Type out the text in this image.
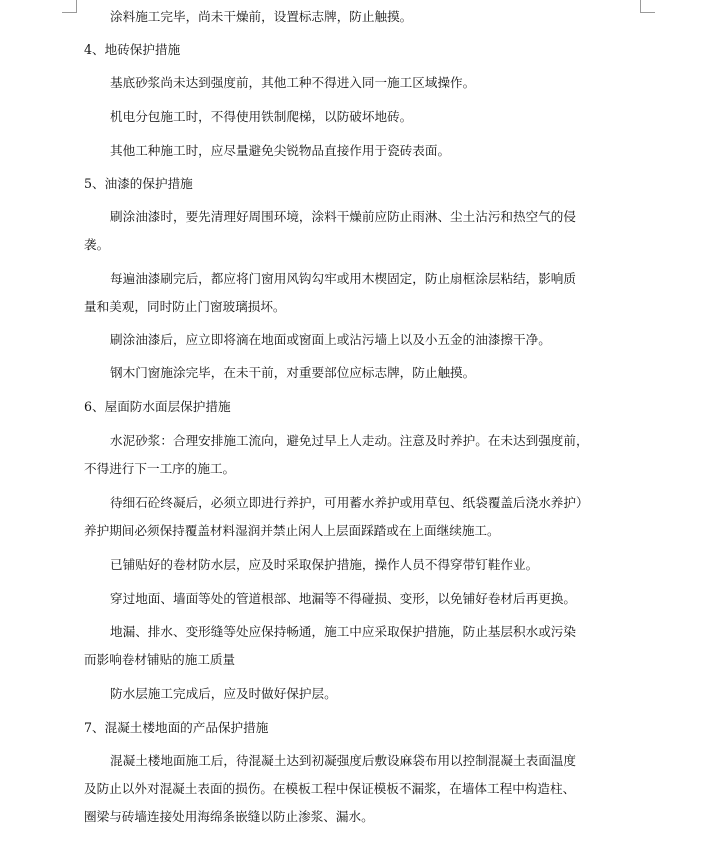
涂料施工完毕，尚未干燥前，设置标志牌，防止触摸。
4、地砖保护措施
基底砂浆尚未达到强度前，其他工种不得进入同一施工区域操作。
机电分包施工时，不得使用铁制爬梯，以防破坏地砖。
其他工种施工时，应尽量避免尖锐物品直接作用于瓷砖表面。
5、油漆的保护措施
刷涂油漆时，要先清理好周围环境，涂料干燥前应防止雨淋、尘土沾污和热空气的侵
袭。
每遍油漆刷完后，都应将门窗用风钩勾牢或用木楔固定，防止扇框涂层粘结，影响质
量和美观，同时防止门窗玻璃损坏。
刷涂油漆后，应立即将滴在地面或窗面上或沾污墙上以及小五金的油漆擦干净。
钢木门窗施涂完毕，在未干前，对重要部位应标志牌，防止触摸。
6、屋面防水面层保护措施
水泥砂浆：合理安排施工流向，避免过早上人走动。注意及时养护。在未达到强度前，
不得进行下一工序的施工。
待细石砼终凝后，必须立即进行养护，可用蓄水养护或用草包、纸袋覆盖后浇水养护）
养护期间必须保持覆盖材料湿润并禁止闲人上层面踩踏或在上面继续施工。
已铺贴好的卷材防水层，应及时采取保护措施，操作人员不得穿带钉鞋作业。
穿过地面、墙面等处的管道根部、地漏等不得碰损、变形，以免铺好卷材后再更换。
地漏、排水、变形缝等处应保持畅通，施工中应采取保护措施，防止基层积水或污染
而影响卷材铺贴的施工质量
防水层施工完成后，应及时做好保护层。
7、混凝土楼地面的产品保护措施
混凝土楼地面施工后，待混凝土达到初凝强度后敷设麻袋布用以控制混凝土表面温度
及防止以外对混凝土表面的损伤。在模板工程中保证模板不漏浆，在墙体工程中构造柱、
圈梁与砖墙连接处用海绵条嵌缝以防止渗浆、漏水。
